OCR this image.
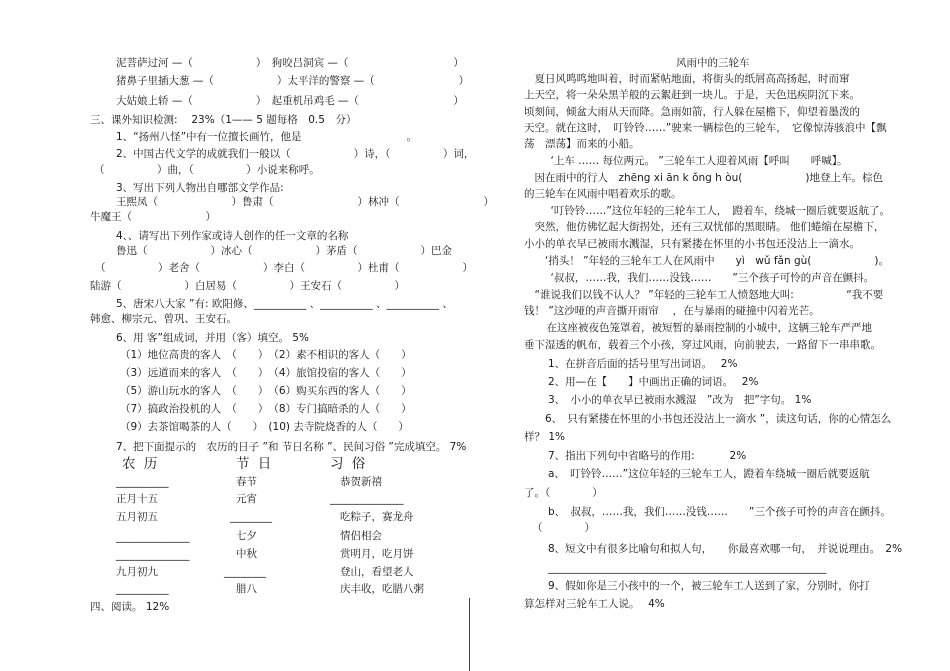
泥菩萨过河 —（　　　　　　）　狗咬吕洞宾 —（　　　　　　　　　　）
猪鼻子里插大葱 —（　　　　　　）太平洋的警察 —（　　　　　　　　）
大姑娘上轿 —（　　　　　　）　起重机吊鸡毛 —（　　　　　　　　　）
三、课外知识检测:　 23%（1—— 5 题每格　0.5　分）
1、“扬州八怪”中有一位擅长画竹，他是　　　　　　　　　　。
2、中国古代文学的成就我们一般以（　　　　　　）诗，（　　　　　）词，
（　　　　　）曲，（　　　　　）小说来称呼。
3、写出下列人物出自哪部文学作品:
王熙凤（　　　　　　　）鲁肃（　　　　　　　　）林冲（　　　　　　　　）
牛魔王（　　　　　　　）
4、、请写出下列作家或诗人创作的任一文章的名称
鲁迅（　　　　　　）冰心（　　　　　　）茅盾（　　　　　　）巴金
（　　　　　）老舍（　　　　　　）李白（　　　　　）杜甫（　　　　　　）
陆游（　　　　　　）白居易（　　　　　）王安石（　　　　　）
5、唐宋八大家 ”有: 欧阳修、__________ 、__________ 、__________ 、
韩愈、柳宗元、曾巩、王安石。
6、用 客”组成词，并用（客）填空。 5%
（1）地位高贵的客人　（　　）　（2）素不相识的客人（　　）
（3）远道而来的客人　（　　）　（4）旅馆投宿的客人（　　）
（5）游山玩水的客人　（　　）　（6）购买东西的客人（　　）
（7）搞政治投机的人　（　　）　（8）专门搞暗杀的人（　　）
（9）去茶馆喝茶的人（　　）　(10) 去寺院烧香的人（　　）
7、把下面提示的　农历的日子 ”和 节日名称 ”、民间习俗 ”完成填空。 7%
农 历	节 日	习 俗
__________	春节	恭贺新禧
正月十五	元宵	______________
五月初五	________	吃粽子，赛龙舟
______________	七夕	情侣相会
______________	中秋	赏明月，吃月饼
九月初九	________	登山，看望老人
__________	腊八	庆丰收，吃腊八粥
四、阅读。 12%
风雨中的三轮车
　夏日风鸣鸣地叫着，时而紧帖地面，将街头的纸屑高高扬起，时而窜
上天空，将一朵朵黑羊般的云絮赶到一块儿。于是，天色迅疾阴沉下来。
顷刻间，倾盆大雨从天而降。急雨如箭，行人躲在屋檐下，仰望着墨泼的
天空。就在这时，　叮铃铃……”驶来一辆棕色的三轮车，　它像惊涛骇浪中【飘
荡　漂荡】而来的小船。
　‘上车 …… 每位两元。 ”三轮车工人迎着风雨【呼叫　　呼喊】。
　因在雨中的行人　zhēng xi ān k ǒng h òu(　　　　　　)地登上车。棕色
的三轮车在风雨中唱着欢乐的歌。
　‘叮铃铃……”这位年轻的三轮车工人，　蹬着车，绕城一圈后就要返航了。
　突然，他仿佛忆起大街拐处，还有三双忧郁的黑眼睛。 他们蜷缩在屋檐下，
小小的单衣早已被雨水溅湿，只有紧搂在怀里的小书包还没沾上一滴水。
　　‘捎头！ ”年轻的三轮车工人在风雨中　　yì　wǔ fǎn gù(　　　　　　)。
　‘叔叔，……我，我们……没钱……　　”三个孩子可怜的声音在颤抖。
　“谁说我们以钱不认人？ ”年轻的三轮车工人愤怒地大叫:　　　　　“我不要
钱！ ”这沙哑的声音撕开雨帘　 ，在与暴雨的碰撞中闪着光芒。
　在这座被夜色笼罩着，被短暂的暴雨控制的小城中，这辆三轮车严严地
垂下湿透的帆布，载着三个小孩，穿过风雨，向前驶去，一路留下一串串歌。
1、在拼音后面的括号里写出词语。　 2%
2、用—在【　　】中画出正确的词语。　 2%
3、　小小的单衣早已被雨水溅湿　”改为　把”字句。 1%
6、　只有紧搂在怀里的小书包还没沾上一滴水 ”，读这句话，你的心情怎么
样？ 1%
7、指出下列句中省略号的作用:　　　 2%
a、　叮铃铃……”这位年轻的三轮车工人，蹬着车绕城一圈后就要返航
了。（　　　　）
b、　叔叔，……我，我们……没钱……　　”三个孩子可怜的声音在颤抖。
（　　　　）
8、短文中有很多比喻句和拟人句，　　你最喜欢哪一句，　并说说理由。　2%
_____________________________________________________
9、假如你是三小孩中的一个，被三轮车工人送到了家，分别时，你打
算怎样对三轮车工人说。　 4%
